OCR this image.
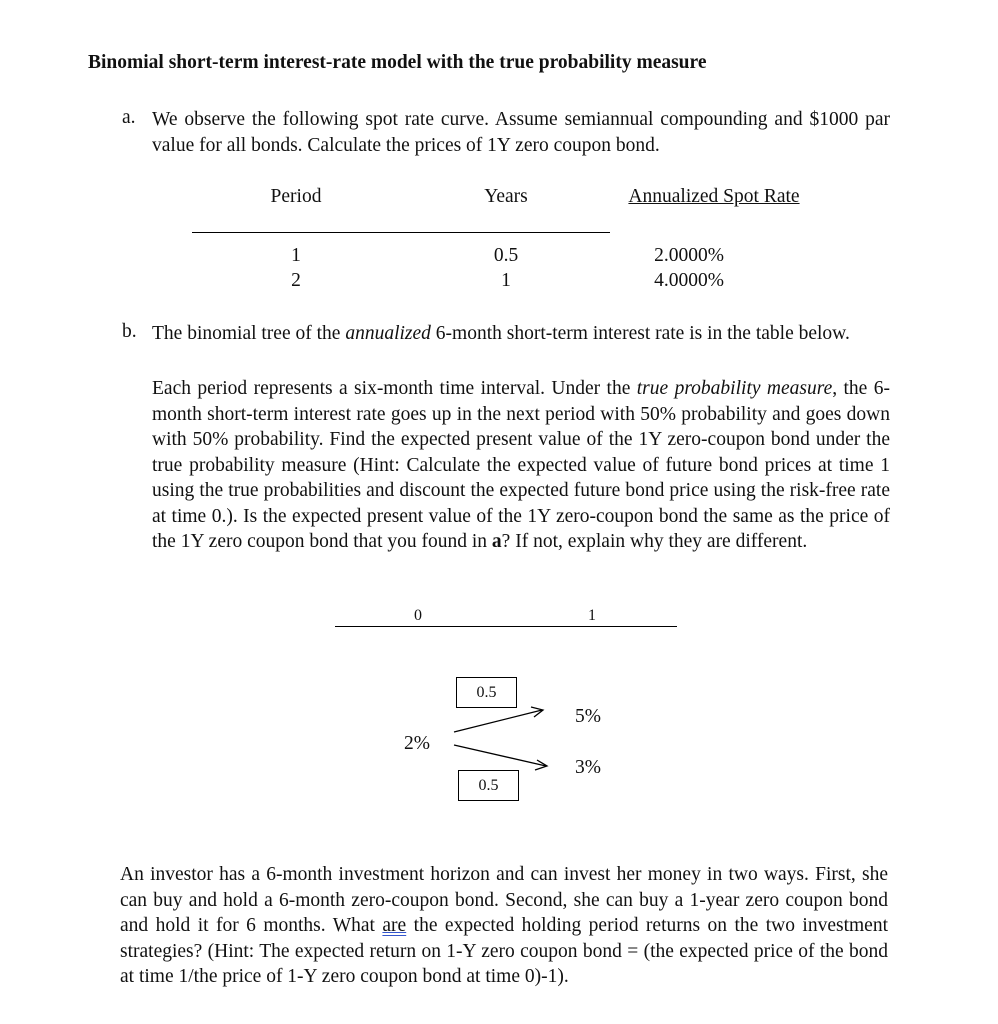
Binomial short-term interest-rate model with the true probability measure
a. We observe the following spot rate curve. Assume semiannual compounding and $1000 par value for all bonds. Calculate the prices of 1Y zero coupon bond.
Period	Years	Annualized Spot Rate
1	0.5	2.0000%
2	1	4.0000%
b. The binomial tree of the annualized 6-month short-term interest rate is in the table below.
Each period represents a six-month time interval. Under the true probability measure, the 6-month short-term interest rate goes up in the next period with 50% probability and goes down with 50% probability. Find the expected present value of the 1Y zero-coupon bond under the true probability measure (Hint: Calculate the expected value of future bond prices at time 1 using the true probabilities and discount the expected future bond price using the risk-free rate at time 0.). Is the expected present value of the 1Y zero-coupon bond the same as the price of the 1Y zero coupon bond that you found in a? If not, explain why they are different.
0	1
0.5
0.5
2%
5%
3%
An investor has a 6-month investment horizon and can invest her money in two ways. First, she can buy and hold a 6-month zero-coupon bond. Second, she can buy a 1-year zero coupon bond and hold it for 6 months. What are the expected holding period returns on the two investment strategies? (Hint: The expected return on 1-Y zero coupon bond = (the expected price of the bond at time 1/the price of 1-Y zero coupon bond at time 0)-1).
